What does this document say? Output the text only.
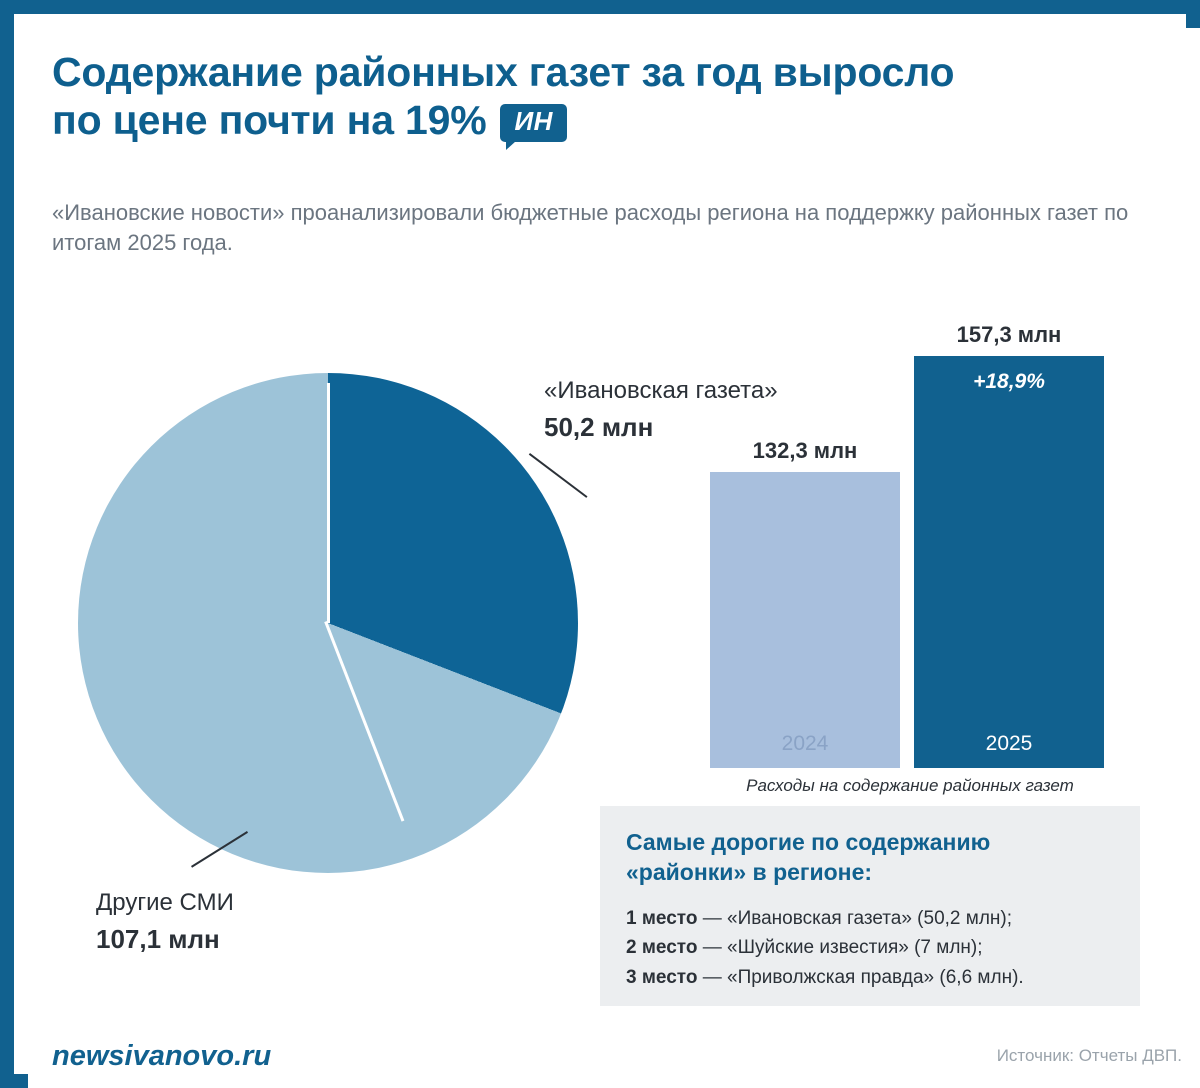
Содержание районных газет за год выросло
по цене почти на 19% ИН
«Ивановские новости» проанализировали бюджетные расходы региона на поддержку районных газет по итогам 2025 года.
«Ивановская газета»
50,2 млн
Другие СМИ
107,1 млн
132,3 млн
2024
157,3 млн
+18,9%
2025
Расходы на содержание районных газет
Самые дорогие по содержанию
«районки» в регионе:
1 место — «Ивановская газета» (50,2 млн);
2 место — «Шуйские известия» (7 млн);
3 место — «Приволжская правда» (6,6 млн).
newsivanovo.ru	Источник: Отчеты ДВП.
